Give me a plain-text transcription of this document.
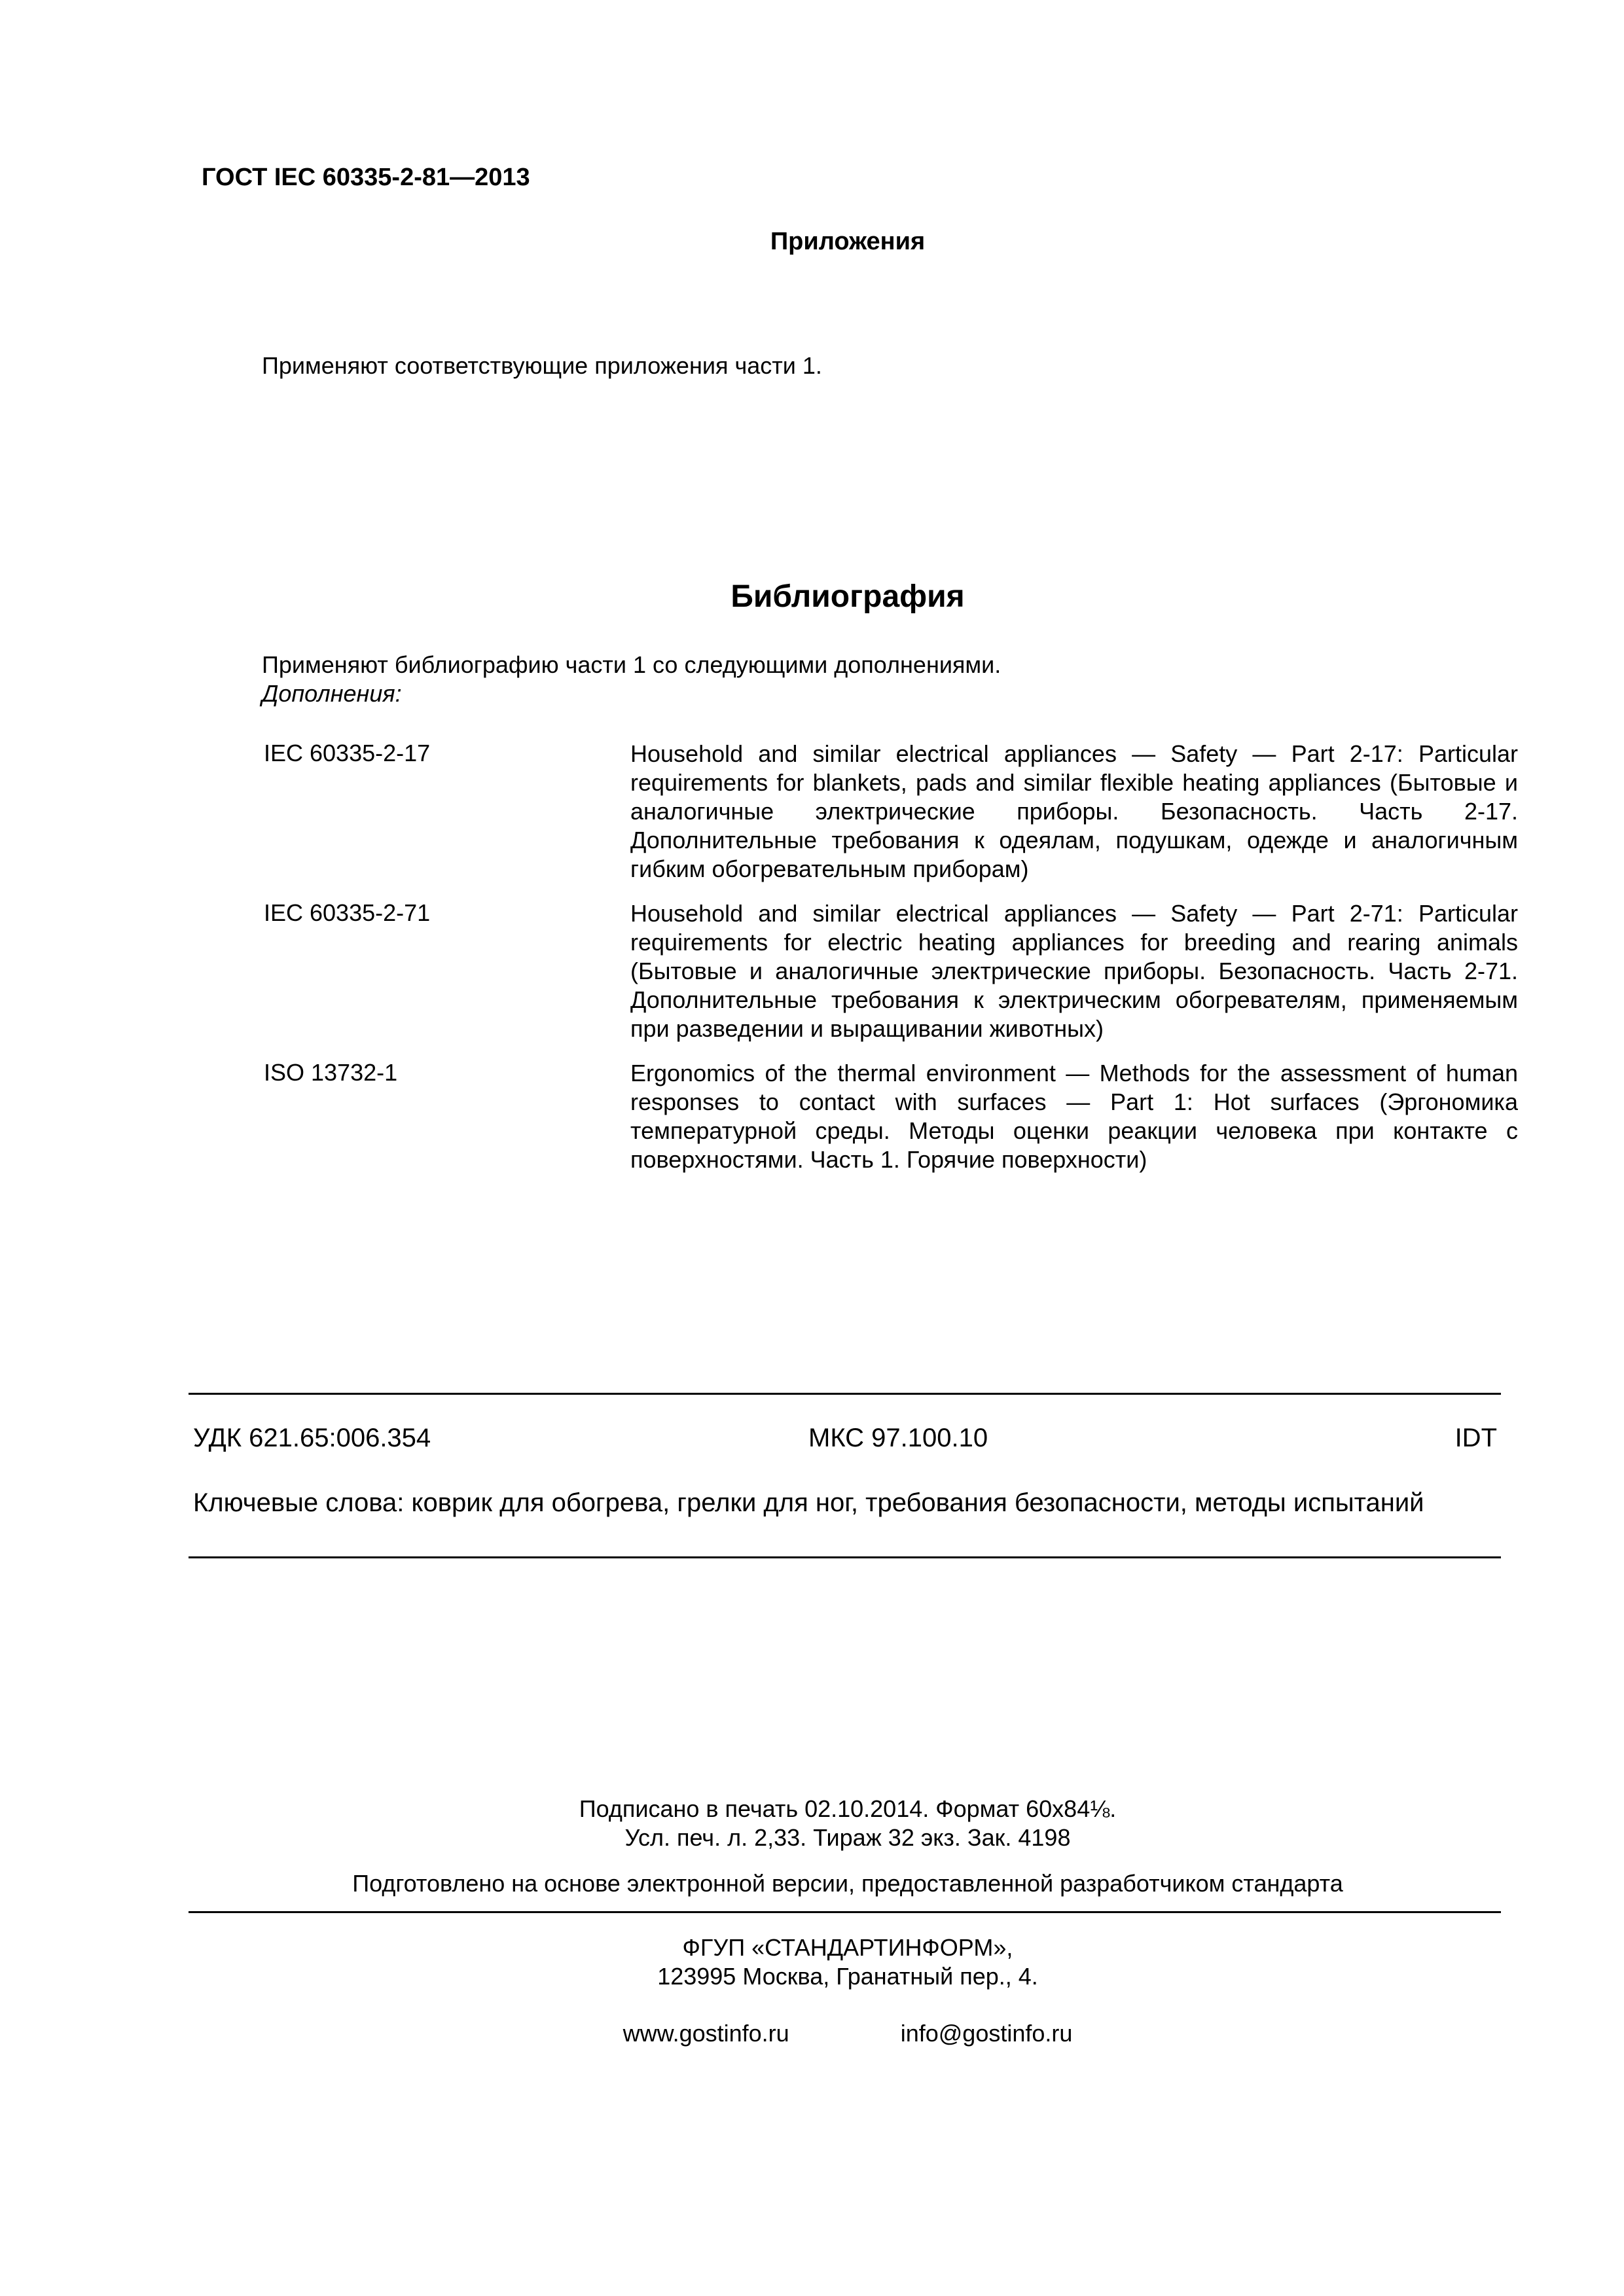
ГОСТ IEC 60335-2-81—2013
Приложения
Применяют соответствующие приложения части 1.
Библиография
Применяют библиографию части 1 со следующими дополнениями.
Дополнения:
IEC 60335-2-17	Household and similar electrical appliances — Safety — Part 2-17: Particular requirements for blankets, pads and similar flexible heating appliances (Бытовые и аналогичные электрические приборы. Безопасность. Часть 2-17. Дополнительные требования к одеялам, подушкам, одежде и аналогичным гибким обогревательным приборам)
IEC 60335-2-71	Household and similar electrical appliances — Safety — Part 2-71: Particular requirements for electric heating appliances for breeding and rearing animals (Бытовые и аналогичные электрические приборы. Безопасность. Часть 2-71. Дополнительные требования к электрическим обогревателям, применяемым при разведении и выращивании животных)
ISO 13732-1	Ergonomics of the thermal environment — Methods for the assessment of human responses to contact with surfaces — Part 1: Hot surfaces (Эргономика температурной среды. Методы оценки реакции человека при контакте с поверхностями. Часть 1. Горячие поверхности)
УДК 621.65:006.354	МКС 97.100.10	IDT
Ключевые слова: коврик для обогрева, грелки для ног, требования безопасности, методы испытаний
Подписано в печать 02.10.2014. Формат 60x84⅛.
Усл. печ. л. 2,33. Тираж 32 экз. Зак. 4198
Подготовлено на основе электронной версии, предоставленной разработчиком стандарта
ФГУП «СТАНДАРТИНФОРМ»,
123995 Москва, Гранатный пер., 4.
www.gostinfo.ru	info@gostinfo.ru
